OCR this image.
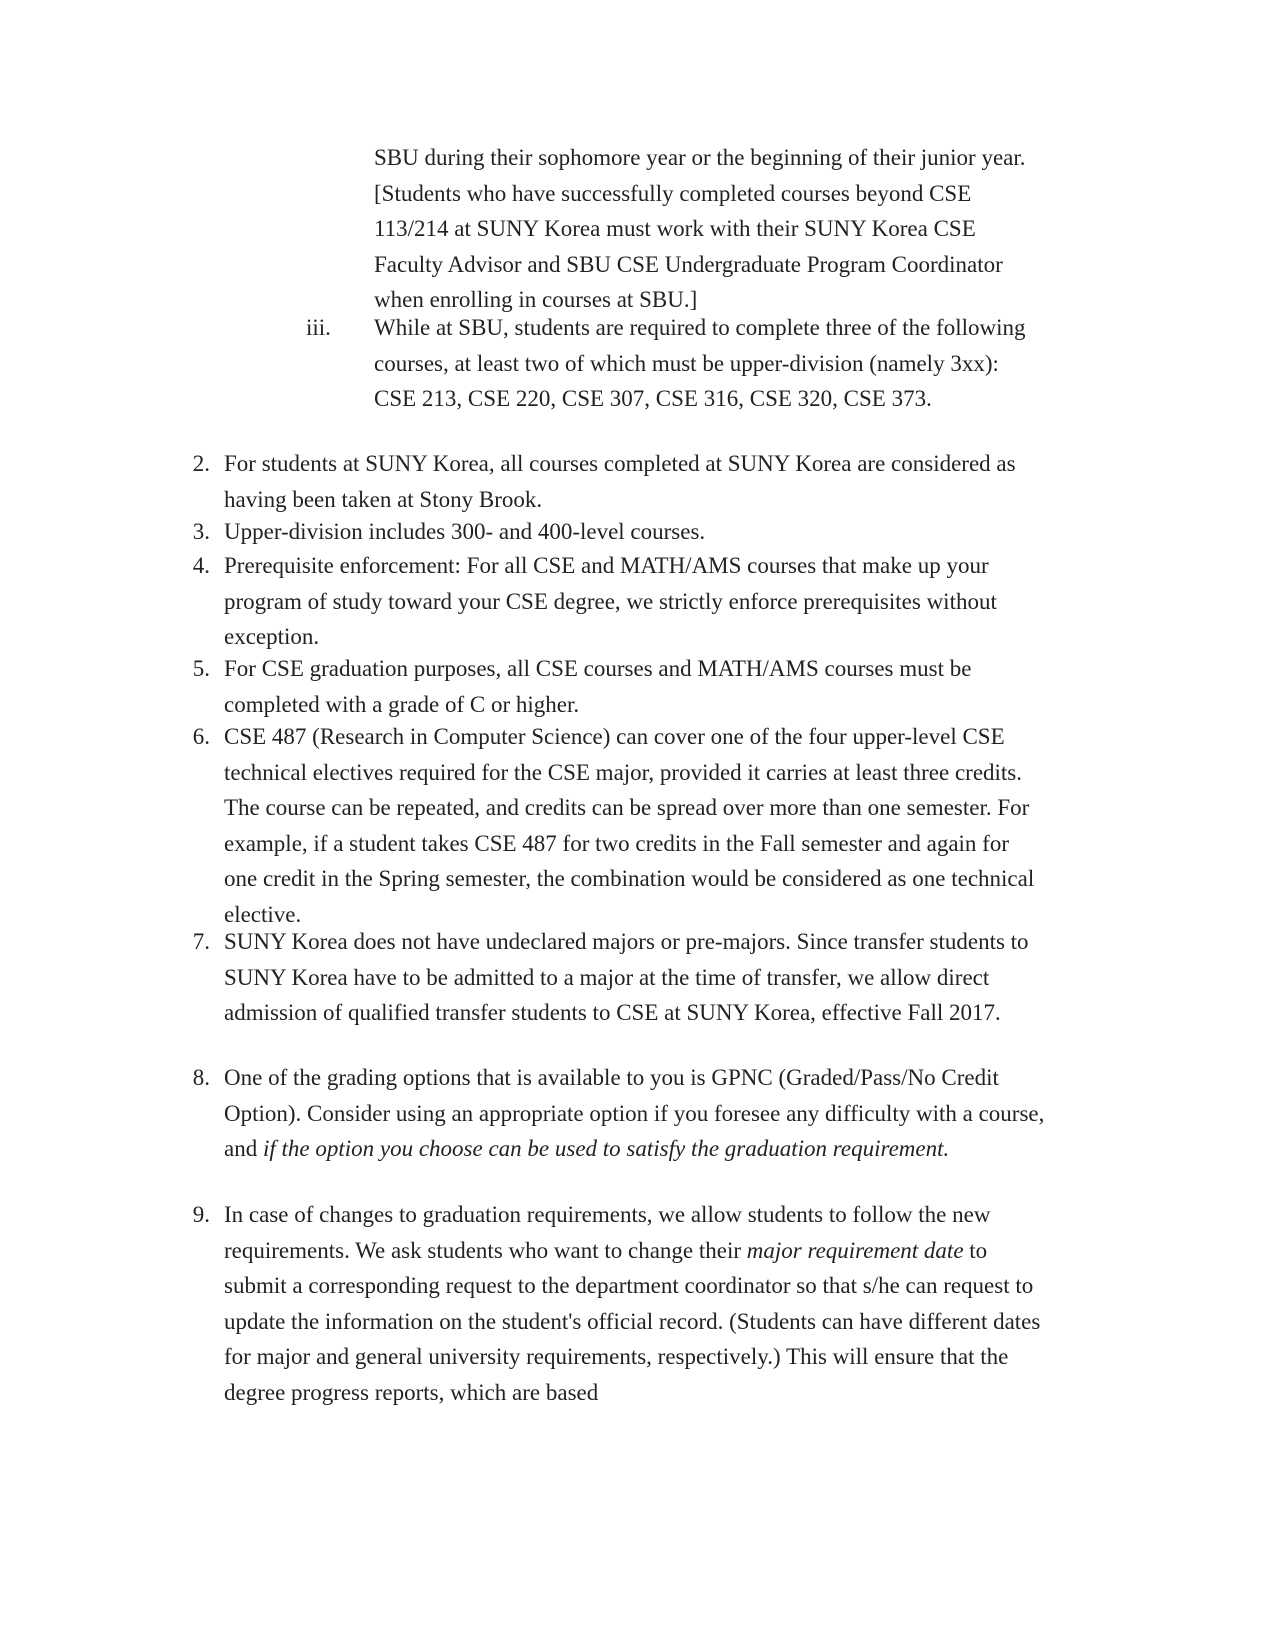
SBU during their sophomore year or the beginning of their junior year. [Students who have successfully completed courses beyond CSE 113/214 at SUNY Korea must work with their SUNY Korea CSE Faculty Advisor and SBU CSE Undergraduate Program Coordinator when enrolling in courses at SBU.]
iii. While at SBU, students are required to complete three of the following courses, at least two of which must be upper-division (namely 3xx): CSE 213, CSE 220, CSE 307, CSE 316, CSE 320, CSE 373.
2. For students at SUNY Korea, all courses completed at SUNY Korea are considered as having been taken at Stony Brook.
3. Upper-division includes 300- and 400-level courses.
4. Prerequisite enforcement: For all CSE and MATH/AMS courses that make up your program of study toward your CSE degree, we strictly enforce prerequisites without exception.
5. For CSE graduation purposes, all CSE courses and MATH/AMS courses must be completed with a grade of C or higher.
6. CSE 487 (Research in Computer Science) can cover one of the four upper-level CSE technical electives required for the CSE major, provided it carries at least three credits. The course can be repeated, and credits can be spread over more than one semester. For example, if a student takes CSE 487 for two credits in the Fall semester and again for one credit in the Spring semester, the combination would be considered as one technical elective.
7. SUNY Korea does not have undeclared majors or pre-majors. Since transfer students to SUNY Korea have to be admitted to a major at the time of transfer, we allow direct admission of qualified transfer students to CSE at SUNY Korea, effective Fall 2017.
8. One of the grading options that is available to you is GPNC (Graded/Pass/No Credit Option). Consider using an appropriate option if you foresee any difficulty with a course, and if the option you choose can be used to satisfy the graduation requirement.
9. In case of changes to graduation requirements, we allow students to follow the new requirements. We ask students who want to change their major requirement date to submit a corresponding request to the department coordinator so that s/he can request to update the information on the student's official record. (Students can have different dates for major and general university requirements, respectively.) This will ensure that the degree progress reports, which are based
